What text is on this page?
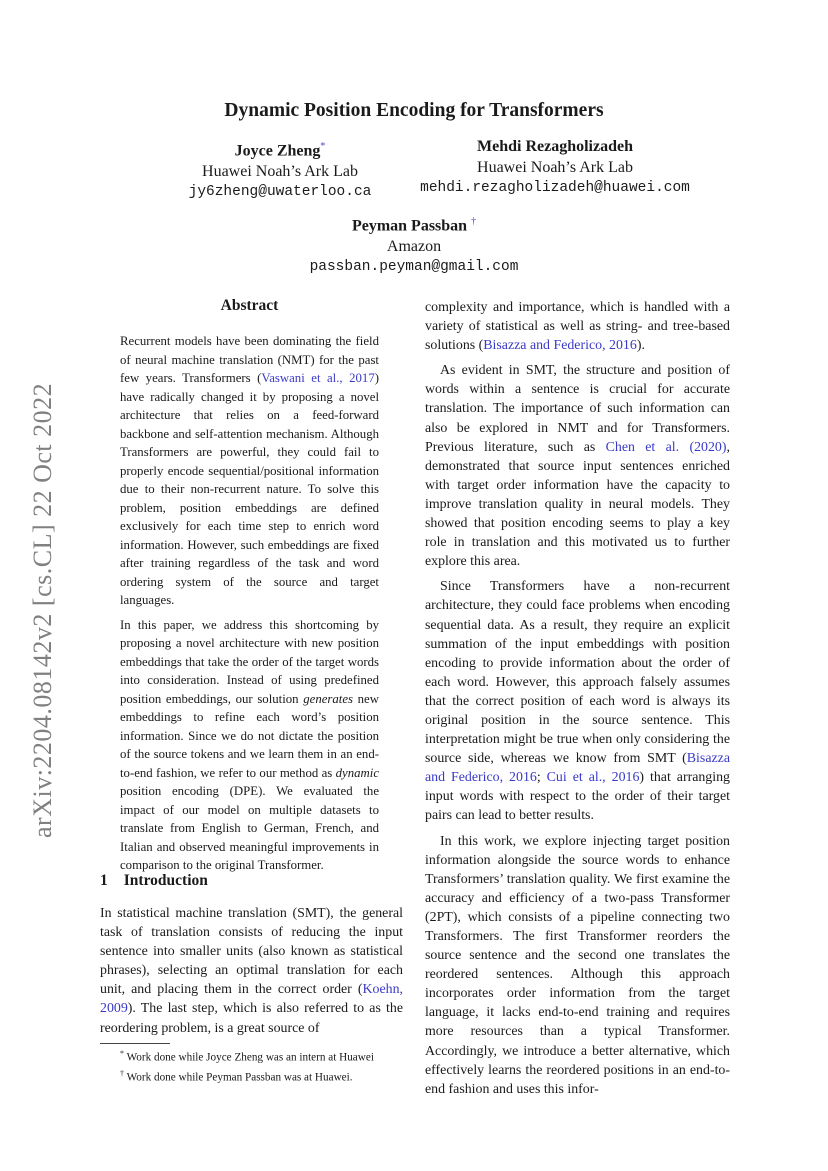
arXiv:2204.08142v2 [cs.CL] 22 Oct 2022
Dynamic Position Encoding for Transformers
Joyce Zheng*
Huawei Noah’s Ark Lab
jy6zheng@uwaterloo.ca
Mehdi Rezagholizadeh
Huawei Noah’s Ark Lab
mehdi.rezagholizadeh@huawei.com
Peyman Passban †
Amazon
passban.peyman@gmail.com
Abstract

Recurrent models have been dominating the field of neural machine translation (NMT) for the past few years. Transformers (Vaswani et al., 2017) have radically changed it by proposing a novel architecture that relies on a feed-forward backbone and self-attention mechanism. Although Transformers are powerful, they could fail to properly encode sequential/positional information due to their non-recurrent nature. To solve this problem, position embeddings are defined exclusively for each time step to enrich word information. However, such embeddings are fixed after training regardless of the task and word ordering system of the source and target languages.

In this paper, we address this shortcoming by proposing a novel architecture with new position embeddings that take the order of the target words into consideration. Instead of using predefined position embeddings, our solution generates new embeddings to refine each word’s position information. Since we do not dictate the position of the source tokens and we learn them in an end-to-end fashion, we refer to our method as dynamic position encoding (DPE). We evaluated the impact of our model on multiple datasets to translate from English to German, French, and Italian and observed meaningful improvements in comparison to the original Transformer.

1 Introduction

In statistical machine translation (SMT), the general task of translation consists of reducing the input sentence into smaller units (also known as statistical phrases), selecting an optimal translation for each unit, and placing them in the correct order (Koehn, 2009). The last step, which is also referred to as the reordering problem, is a great source of

* Work done while Joyce Zheng was an intern at Huawei
† Work done while Peyman Passban was at Huawei.

complexity and importance, which is handled with a variety of statistical as well as string- and tree-based solutions (Bisazza and Federico, 2016).

As evident in SMT, the structure and position of words within a sentence is crucial for accurate translation. The importance of such information can also be explored in NMT and for Transformers. Previous literature, such as Chen et al. (2020), demonstrated that source input sentences enriched with target order information have the capacity to improve translation quality in neural models. They showed that position encoding seems to play a key role in translation and this motivated us to further explore this area.

Since Transformers have a non-recurrent architecture, they could face problems when encoding sequential data. As a result, they require an explicit summation of the input embeddings with position encoding to provide information about the order of each word. However, this approach falsely assumes that the correct position of each word is always its original position in the source sentence. This interpretation might be true when only considering the source side, whereas we know from SMT (Bisazza and Federico, 2016; Cui et al., 2016) that arranging input words with respect to the order of their target pairs can lead to better results.

In this work, we explore injecting target position information alongside the source words to enhance Transformers’ translation quality. We first examine the accuracy and efficiency of a two-pass Transformer (2PT), which consists of a pipeline connecting two Transformers. The first Transformer reorders the source sentence and the second one translates the reordered sentences. Although this approach incorporates order information from the target language, it lacks end-to-end training and requires more resources than a typical Transformer. Accordingly, we introduce a better alternative, which effectively learns the reordered positions in an end-to-end fashion and uses this infor-
